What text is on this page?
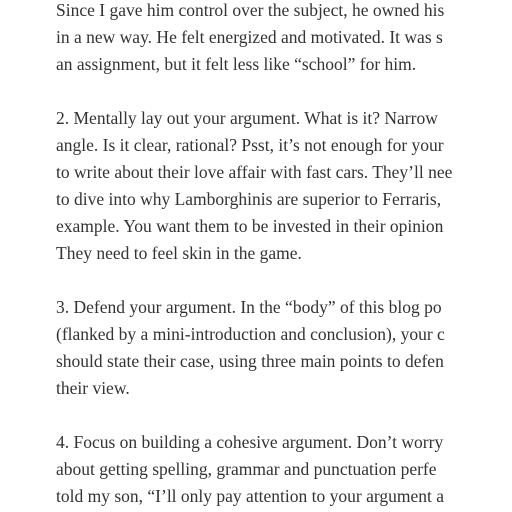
Since I gave him control over the subject, he owned his
in a new way. He felt energized and motivated. It was s
an assignment, but it felt less like “school” for him.
2. Mentally lay out your argument. What is it? Narrow
angle. Is it clear, rational? Psst, it’s not enough for your
to write about their love affair with fast cars. They’ll nee
to dive into why Lamborghinis are superior to Ferraris,
example. You want them to be invested in their opinion
They need to feel skin in the game.
3. Defend your argument. In the “body” of this blog po
(flanked by a mini-introduction and conclusion), your c
should state their case, using three main points to defen
their view.
4. Focus on building a cohesive argument. Don’t worry
about getting spelling, grammar and punctuation perfe
told my son, “I’ll only pay attention to your argument a
